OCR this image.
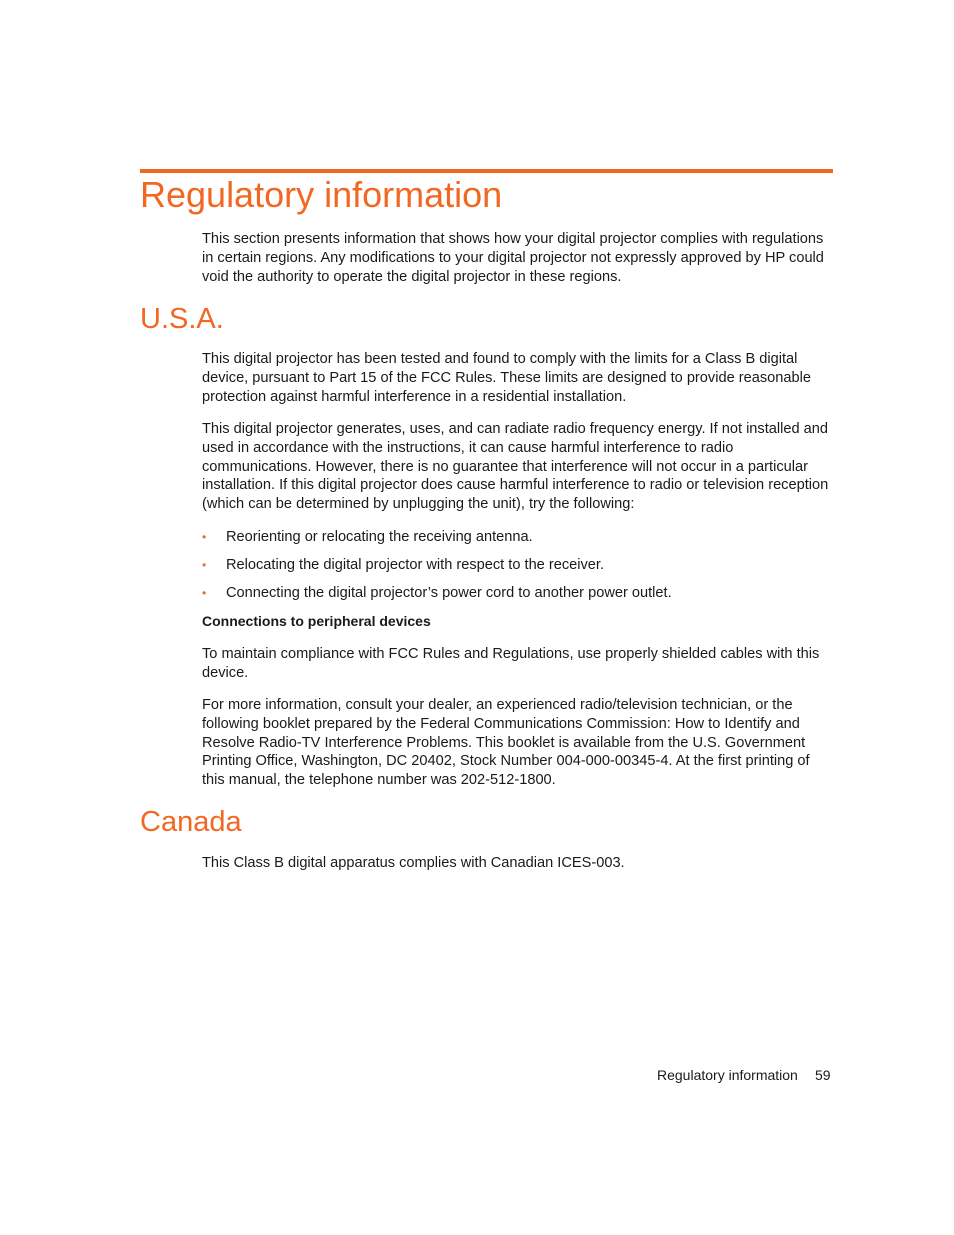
Regulatory information

This section presents information that shows how your digital projector complies with regulations in certain regions. Any modifications to your digital projector not expressly approved by HP could void the authority to operate the digital projector in these regions.

U.S.A.

This digital projector has been tested and found to comply with the limits for a Class B digital device, pursuant to Part 15 of the FCC Rules. These limits are designed to provide reasonable protection against harmful interference in a residential installation.

This digital projector generates, uses, and can radiate radio frequency energy. If not installed and used in accordance with the instructions, it can cause harmful interference to radio communications. However, there is no guarantee that interference will not occur in a particular installation. If this digital projector does cause harmful interference to radio or television reception (which can be determined by unplugging the unit), try the following:

• Reorienting or relocating the receiving antenna.
• Relocating the digital projector with respect to the receiver.
• Connecting the digital projector’s power cord to another power outlet.

Connections to peripheral devices

To maintain compliance with FCC Rules and Regulations, use properly shielded cables with this device.

For more information, consult your dealer, an experienced radio/television technician, or the following booklet prepared by the Federal Communications Commission: How to Identify and Resolve Radio-TV Interference Problems. This booklet is available from the U.S. Government Printing Office, Washington, DC 20402, Stock Number 004-000-00345-4. At the first printing of this manual, the telephone number was 202-512-1800.

Canada

This Class B digital apparatus complies with Canadian ICES-003.

Regulatory information 59
